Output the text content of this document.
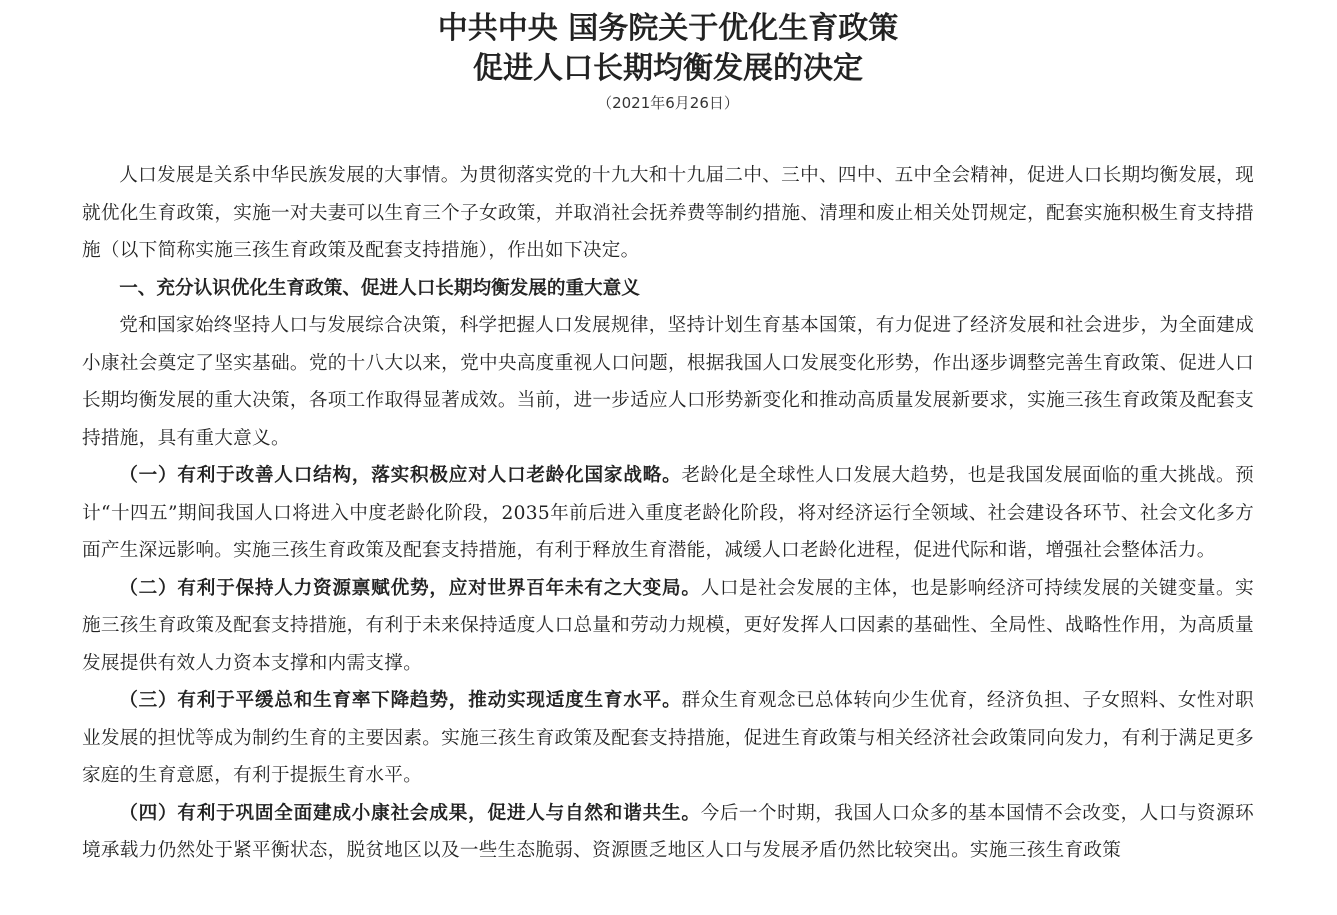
中共中央 国务院关于优化生育政策
促进人口长期均衡发展的决定
（2021年6月26日）

人口发展是关系中华民族发展的大事情。为贯彻落实党的十九大和十九届二中、三中、四中、五中全会精神，促进人口长期均衡发展，现就优化生育政策，实施一对夫妻可以生育三个子女政策，并取消社会抚养费等制约措施、清理和废止相关处罚规定，配套实施积极生育支持措施（以下简称实施三孩生育政策及配套支持措施），作出如下决定。

一、充分认识优化生育政策、促进人口长期均衡发展的重大意义

党和国家始终坚持人口与发展综合决策，科学把握人口发展规律，坚持计划生育基本国策，有力促进了经济发展和社会进步，为全面建成小康社会奠定了坚实基础。党的十八大以来，党中央高度重视人口问题，根据我国人口发展变化形势，作出逐步调整完善生育政策、促进人口长期均衡发展的重大决策，各项工作取得显著成效。当前，进一步适应人口形势新变化和推动高质量发展新要求，实施三孩生育政策及配套支持措施，具有重大意义。

（一）有利于改善人口结构，落实积极应对人口老龄化国家战略。老龄化是全球性人口发展大趋势，也是我国发展面临的重大挑战。预计“十四五”期间我国人口将进入中度老龄化阶段，2035年前后进入重度老龄化阶段，将对经济运行全领域、社会建设各环节、社会文化多方面产生深远影响。实施三孩生育政策及配套支持措施，有利于释放生育潜能，减缓人口老龄化进程，促进代际和谐，增强社会整体活力。

（二）有利于保持人力资源禀赋优势，应对世界百年未有之大变局。人口是社会发展的主体，也是影响经济可持续发展的关键变量。实施三孩生育政策及配套支持措施，有利于未来保持适度人口总量和劳动力规模，更好发挥人口因素的基础性、全局性、战略性作用，为高质量发展提供有效人力资本支撑和内需支撑。

（三）有利于平缓总和生育率下降趋势，推动实现适度生育水平。群众生育观念已总体转向少生优育，经济负担、子女照料、女性对职业发展的担忧等成为制约生育的主要因素。实施三孩生育政策及配套支持措施，促进生育政策与相关经济社会政策同向发力，有利于满足更多家庭的生育意愿，有利于提振生育水平。

（四）有利于巩固全面建成小康社会成果，促进人与自然和谐共生。今后一个时期，我国人口众多的基本国情不会改变，人口与资源环境承载力仍然处于紧平衡状态，脱贫地区以及一些生态脆弱、资源匮乏地区人口与发展矛盾仍然比较突出。实施三孩生育政策
